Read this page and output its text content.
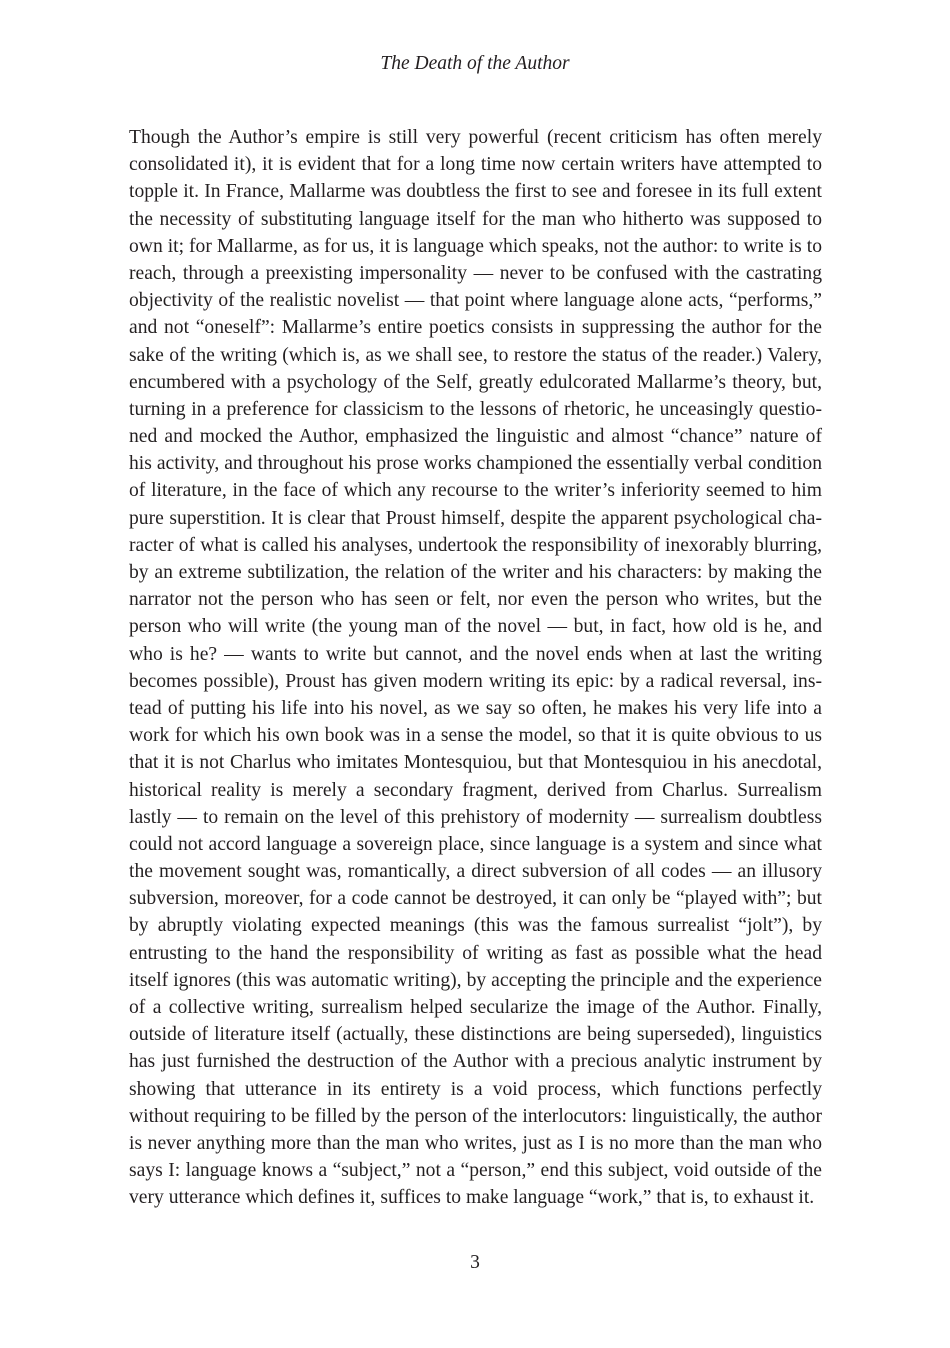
The Death of the Author

Though the Author’s empire is still very powerful (recent criticism has often merely consolidated it), it is evident that for a long time now certain writers have attempted to topple it. In France, Mallarme was doubtless the first to see and foresee in its full extent the necessity of substituting language itself for the man who hitherto was supposed to own it; for Mallarme, as for us, it is language which speaks, not the author: to write is to reach, through a preexisting impersonality — never to be confused with the castrating objectivity of the realistic novelist — that point where language alone acts, “performs,” and not “oneself”: Mallarme’s entire poetics consists in suppressing the author for the sake of the writing (which is, as we shall see, to restore the status of the reader.) Valery, encumbered with a psychology of the Self, greatly edulcorated Mallarme’s theory, but, turning in a preference for classicism to the lessons of rhetoric, he unceasingly questioned and mocked the Author, emphasized the linguistic and almost “chance” nature of his activity, and throughout his prose works championed the essentially verbal condition of literature, in the face of which any recourse to the writer’s inferiority seemed to him pure superstition. It is clear that Proust himself, despite the apparent psychological character of what is called his analyses, undertook the responsibility of inexorably blurring, by an extreme subtilization, the relation of the writer and his characters: by making the narrator not the person who has seen or felt, nor even the person who writes, but the person who will write (the young man of the novel — but, in fact, how old is he, and who is he? — wants to write but cannot, and the novel ends when at last the writing becomes possible), Proust has given modern writing its epic: by a radical reversal, instead of putting his life into his novel, as we say so often, he makes his very life into a work for which his own book was in a sense the model, so that it is quite obvious to us that it is not Charlus who imitates Montesquiou, but that Montesquiou in his anecdotal, historical reality is merely a secondary fragment, derived from Charlus. Surrealism lastly — to remain on the level of this prehistory of modernity — surrealism doubtless could not accord language a sovereign place, since language is a system and since what the movement sought was, romantically, a direct subversion of all codes — an illusory subversion, moreover, for a code cannot be destroyed, it can only be “played with”; but by abruptly violating expected meanings (this was the famous surrealist “jolt”), by entrusting to the hand the responsibility of writing as fast as possible what the head itself ignores (this was automatic writing), by accepting the principle and the experience of a collective writing, surrealism helped secularize the image of the Author. Finally, outside of literature itself (actually, these distinctions are being superseded), linguistics has just furnished the destruction of the Author with a precious analytic instrument by showing that utterance in its entirety is a void process, which functions perfectly without requiring to be filled by the person of the interlocutors: linguistically, the author is never anything more than the man who writes, just as I is no more than the man who says I: language knows a “subject,” not a “person,” end this subject, void outside of the very utterance which defines it, suffices to make language “work,” that is, to exhaust it.

3
